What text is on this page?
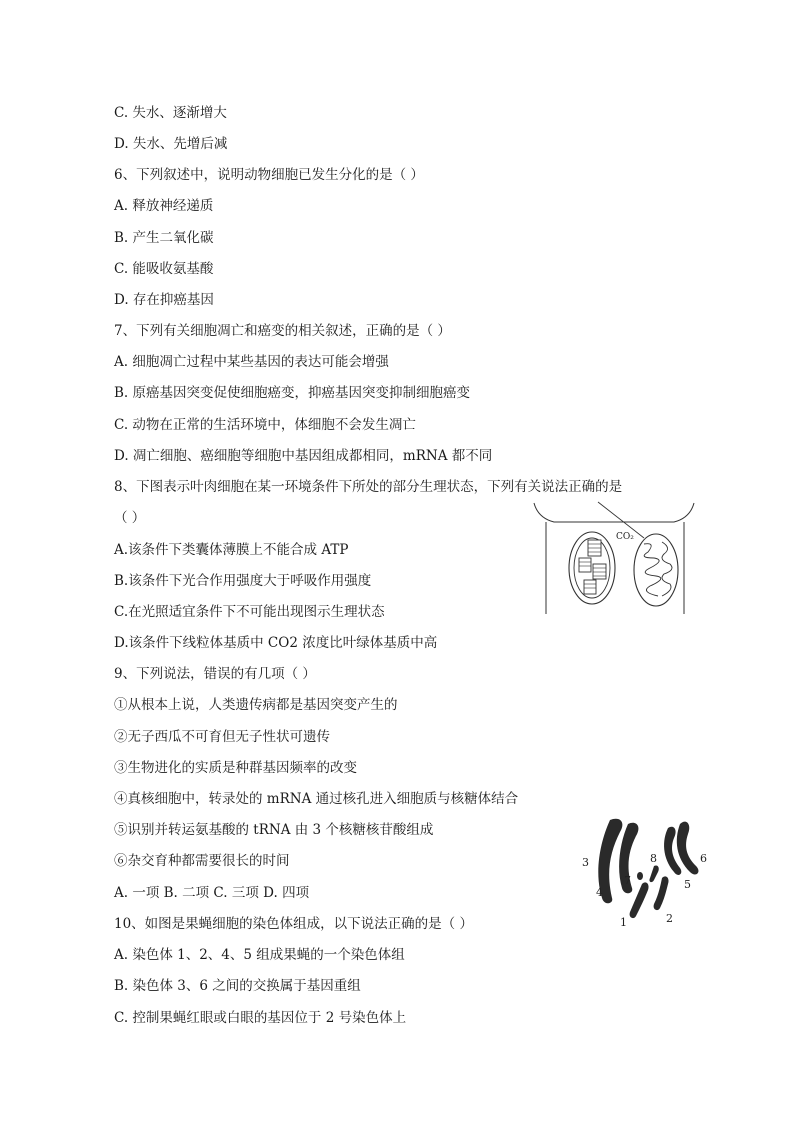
C. 失水、逐渐增大
D. 失水、先增后减
6、下列叙述中，说明动物细胞已发生分化的是（ ）
A. 释放神经递质
B. 产生二氧化碳
C. 能吸收氨基酸
D. 存在抑癌基因
7、下列有关细胞凋亡和癌变的相关叙述，正确的是（ ）
A. 细胞凋亡过程中某些基因的表达可能会增强
B. 原癌基因突变促使细胞癌变，抑癌基因突变抑制细胞癌变
C. 动物在正常的生活环境中，体细胞不会发生凋亡
D. 凋亡细胞、癌细胞等细胞中基因组成都相同，mRNA 都不同
8、下图表示叶肉细胞在某一环境条件下所处的部分生理状态，下列有关说法正确的是
（ ）
A.该条件下类囊体薄膜上不能合成 ATP
B.该条件下光合作用强度大于呼吸作用强度
C.在光照适宜条件下不可能出现图示生理状态
D.该条件下线粒体基质中 CO2 浓度比叶绿体基质中高
9、下列说法，错误的有几项（ ）
①从根本上说，人类遗传病都是基因突变产生的
②无子西瓜不可育但无子性状可遗传
③生物进化的实质是种群基因频率的改变
④真核细胞中，转录处的 mRNA 通过核孔进入细胞质与核糖体结合
⑤识别并转运氨基酸的 tRNA 由 3 个核糖核苷酸组成
⑥杂交育种都需要很长的时间
A. 一项 B. 二项 C. 三项 D. 四项
10、如图是果蝇细胞的染色体组成，以下说法正确的是（ ）
A. 染色体 1、2、4、5 组成果蝇的一个染色体组
B. 染色体 3、6 之间的交换属于基因重组
C. 控制果蝇红眼或白眼的基因位于 2 号染色体上
CO₂
1	2
3
4
5
6
7
8
